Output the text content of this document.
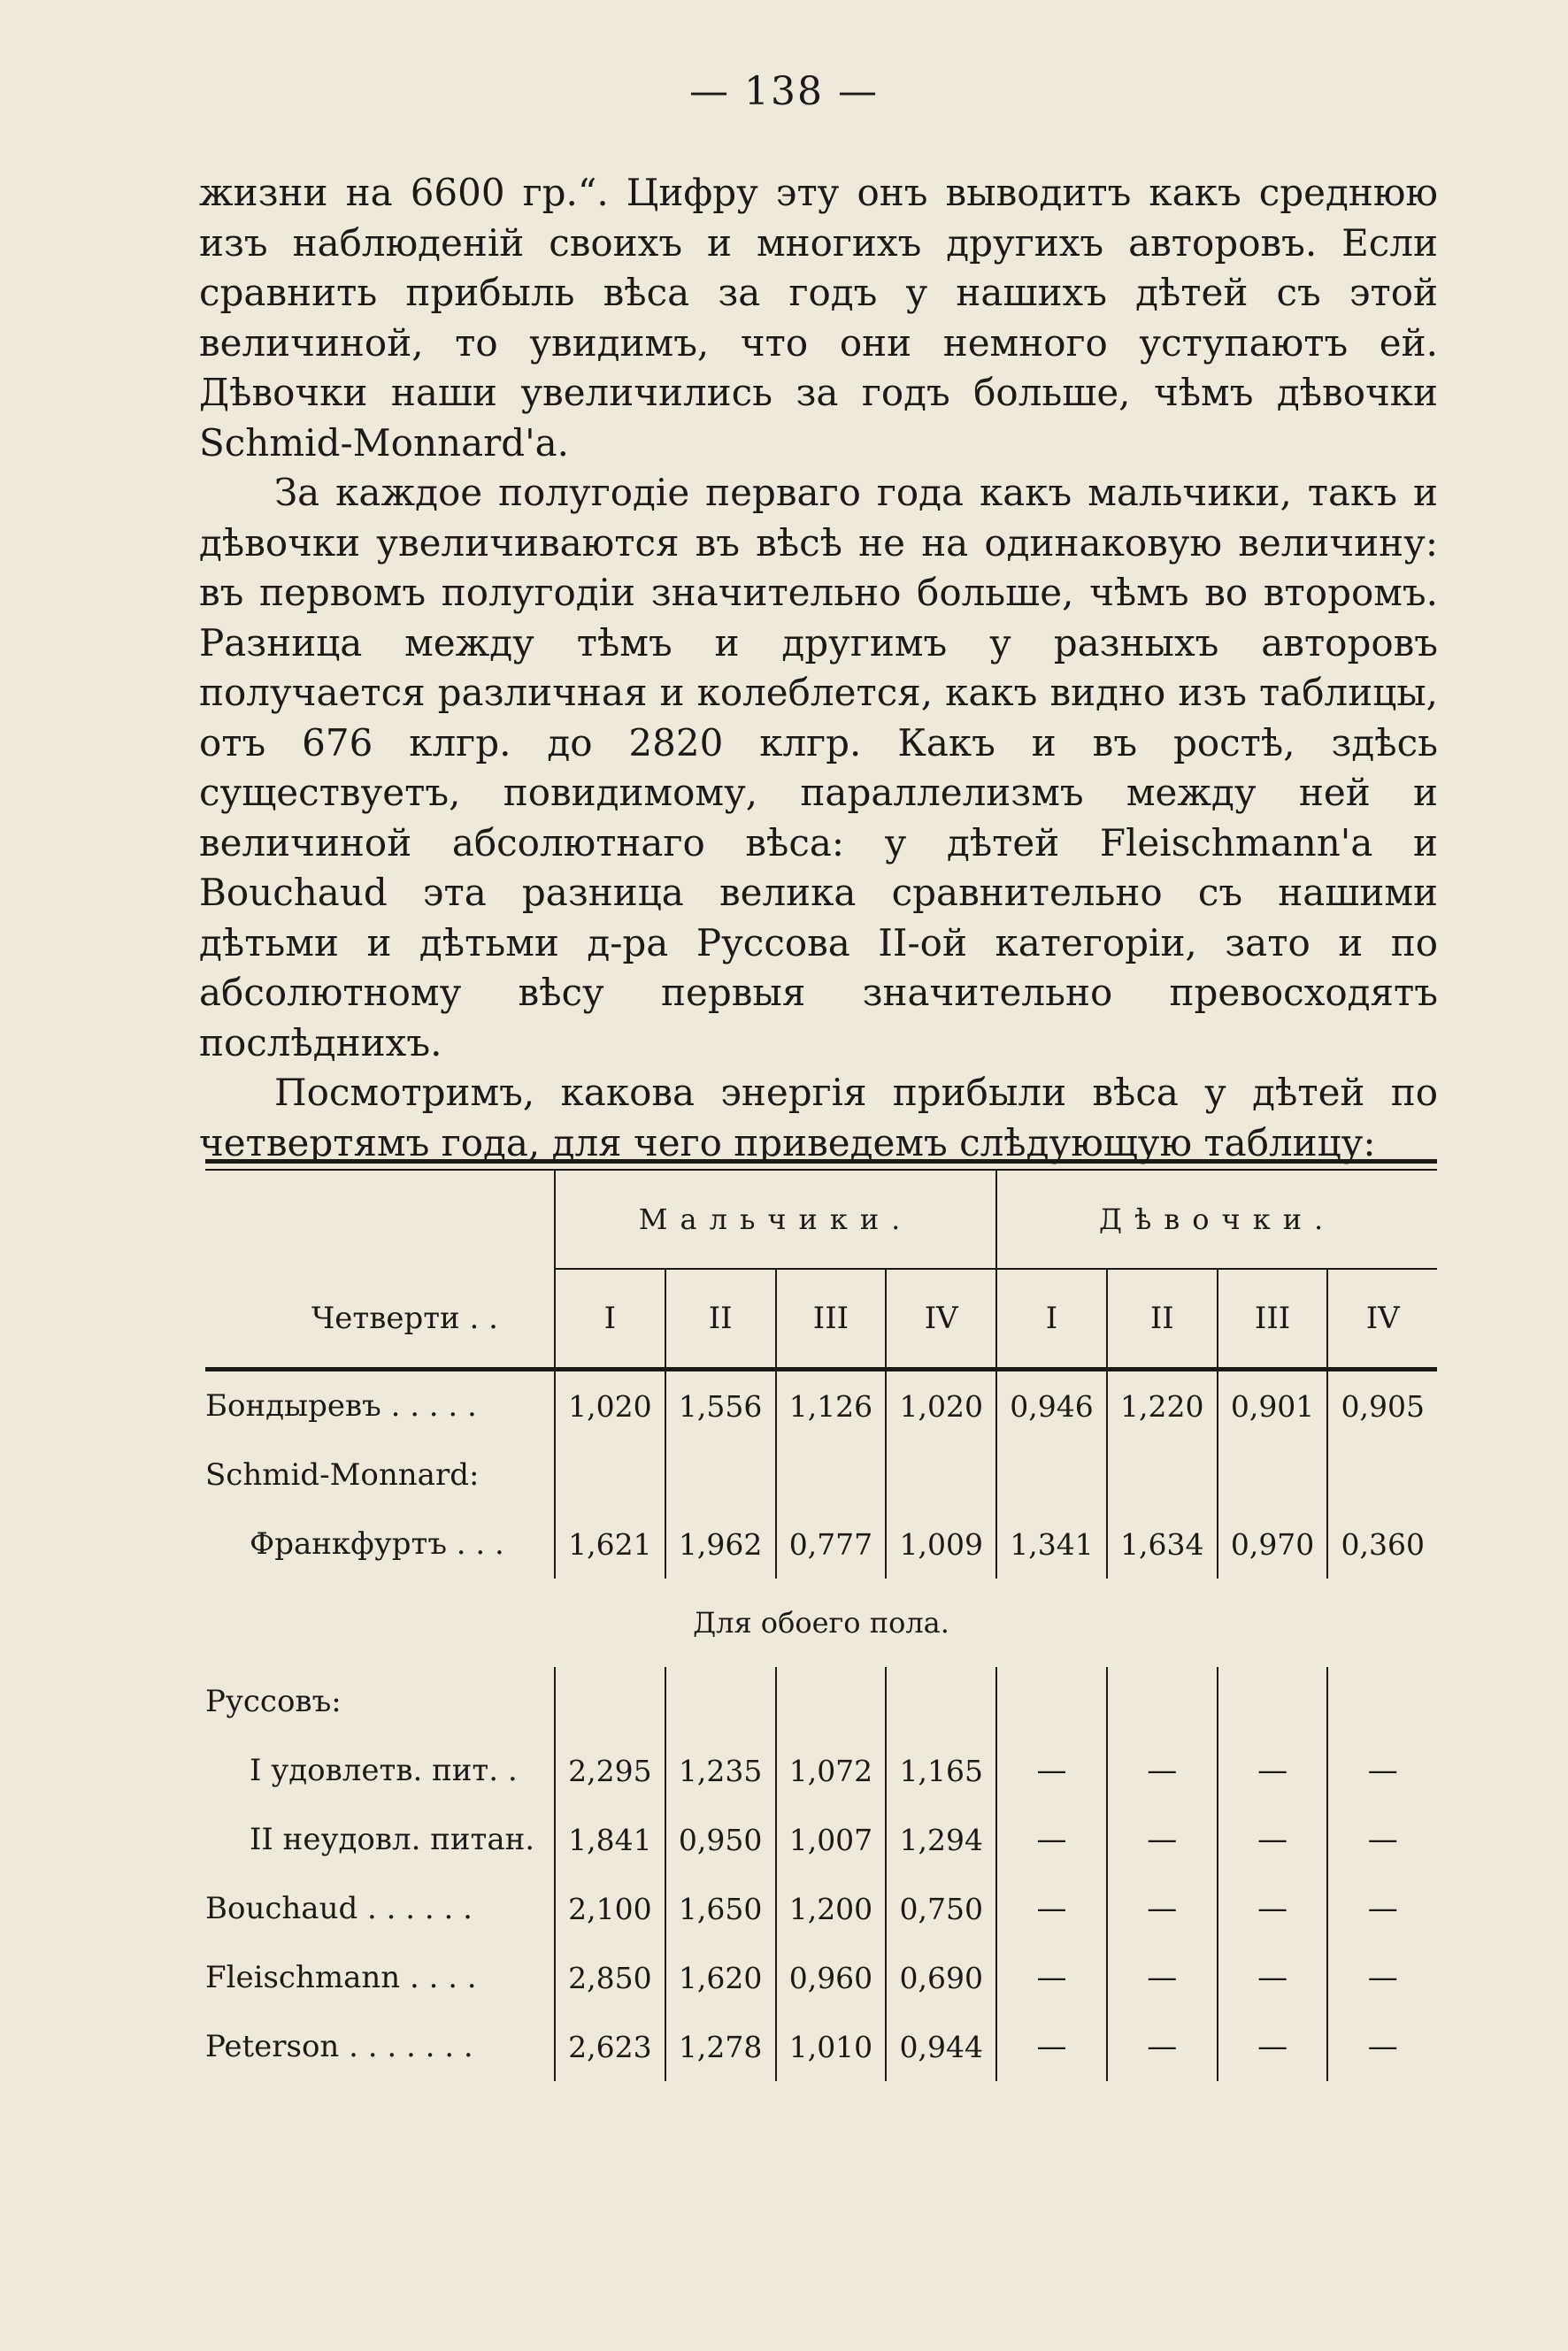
— 138 —

жизни на 6600 гр.“. Цифру эту онъ выводитъ какъ среднюю изъ наблюденій своихъ и многихъ другихъ авторовъ. Если сравнить прибыль вѣса за годъ у нашихъ дѣтей съ этой величиной, то увидимъ, что они немного уступаютъ ей. Дѣвочки наши увеличились за годъ больше, чѣмъ дѣвочки Schmid-Monnard'a.

За каждое полугодіе перваго года какъ мальчики, такъ и дѣвочки увеличиваются въ вѣсѣ не на одинаковую величину: въ первомъ полугодіи значительно больше, чѣмъ во второмъ. Разница между тѣмъ и другимъ у разныхъ авторовъ получается различная и колеблется, какъ видно изъ таблицы, отъ 676 клгр. до 2820 клгр. Какъ и въ ростѣ, здѣсь существуетъ, повидимому, параллелизмъ между ней и величиной абсолютнаго вѣса: у дѣтей Fleischmann'a и Bouchaud эта разница велика сравнительно съ нашими дѣтьми и дѣтьми д-ра Руссова II-ой категоріи, зато и по абсолютному вѣсу первыя значительно превосходятъ послѣднихъ.

Посмотримъ, какова энергія прибыли вѣса у дѣтей по четвертямъ года, для чего приведемъ слѣдующую таблицу:

	Мальчики.				Дѣвочки.			
Четверти . .	I	II	III	IV	I	II	III	IV
Бондыревъ . . . . .	1,020	1,556	1,126	1,020	0,946	1,220	0,901	0,905
Schmid-Monnard:								
Франкфуртъ . . .	1,621	1,962	0,777	1,009	1,341	1,634	0,970	0,360
Для обоего пола.								
Руссовъ:								
I удовлетв. пит. .	2,295	1,235	1,072	1,165	—	—	—	—
II неудовл. питан.	1,841	0,950	1,007	1,294	—	—	—	—
Bouchaud . . . . . .	2,100	1,650	1,200	0,750	—	—	—	—
Fleischmann . . . .	2,850	1,620	0,960	0,690	—	—	—	—
Peterson . . . . . . .	2,623	1,278	1,010	0,944	—	—	—	—
